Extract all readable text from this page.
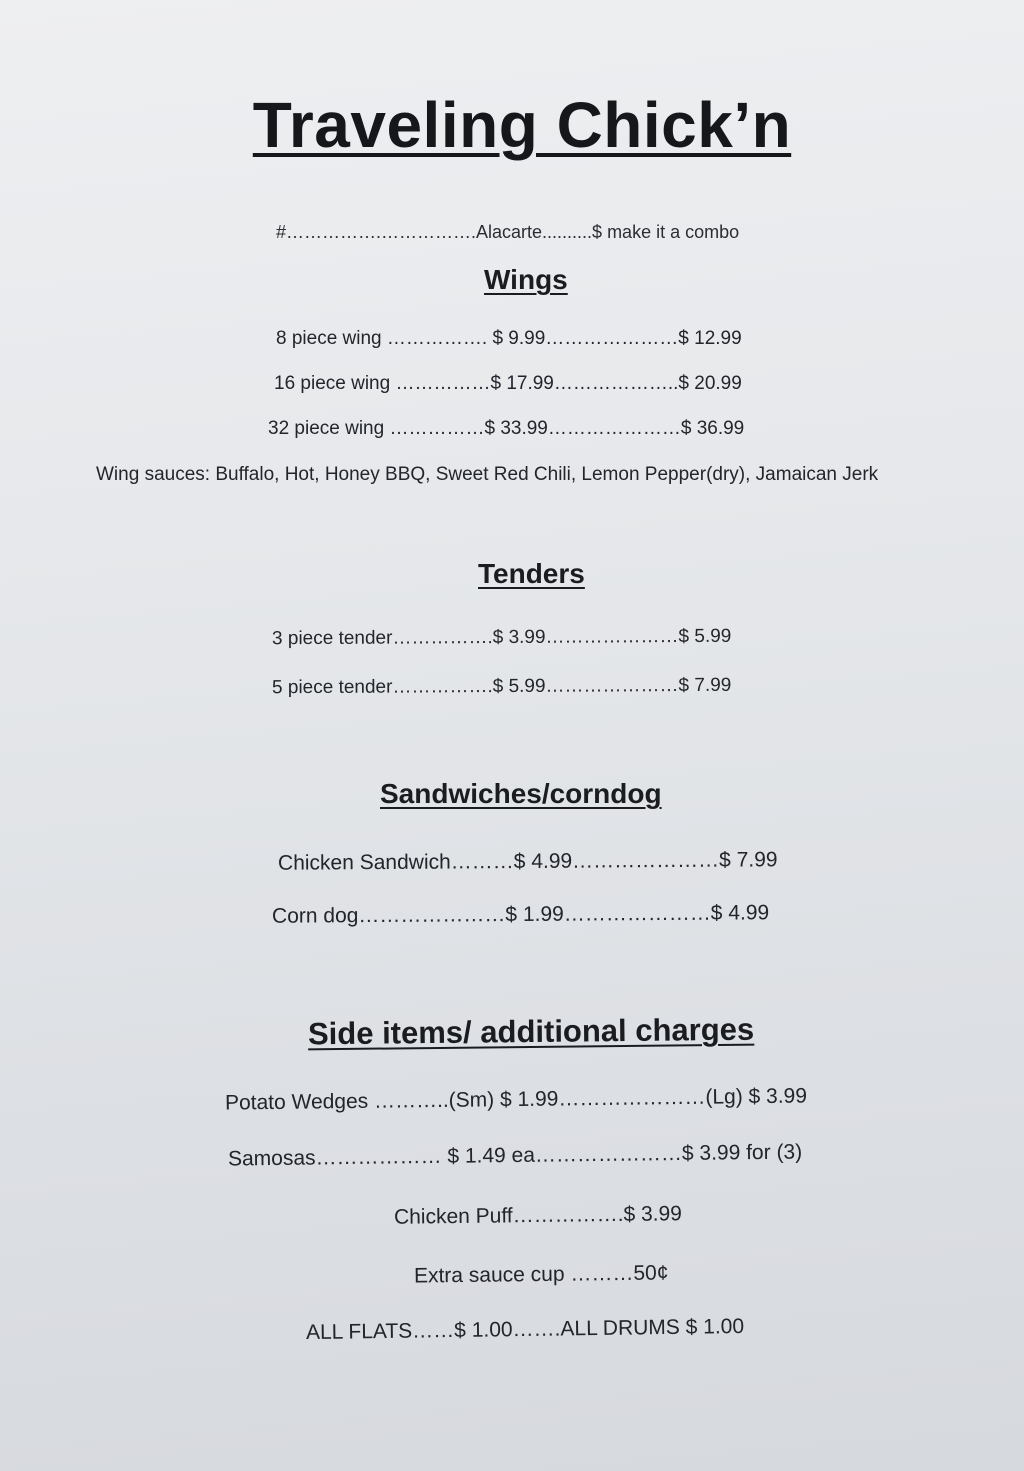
Traveling Chick’n
#…………….…………….Alacarte..........$ make it a combo
Wings
8 piece wing ……………. $ 9.99…………………$ 12.99
16 piece wing ……………$ 17.99………………..$ 20.99
32 piece wing ……………$ 33.99…………………$ 36.99
Wing sauces: Buffalo, Hot, Honey BBQ, Sweet Red Chili, Lemon Pepper(dry), Jamaican Jerk
Tenders
3 piece tender…………….$ 3.99…………………$ 5.99
5 piece tender…………….$ 5.99…………………$ 7.99
Sandwiches/corndog
Chicken Sandwich………$ 4.99…………………$ 7.99
Corn dog…………………$ 1.99…………………$ 4.99
Side items/ additional charges
Potato Wedges ………..(Sm) $ 1.99…………………(Lg) $ 3.99
Samosas……………… $ 1.49 ea…………………$ 3.99 for (3)
Chicken Puff…………….$ 3.99
Extra sauce cup ………50¢
ALL FLATS……$ 1.00…….ALL DRUMS $ 1.00
